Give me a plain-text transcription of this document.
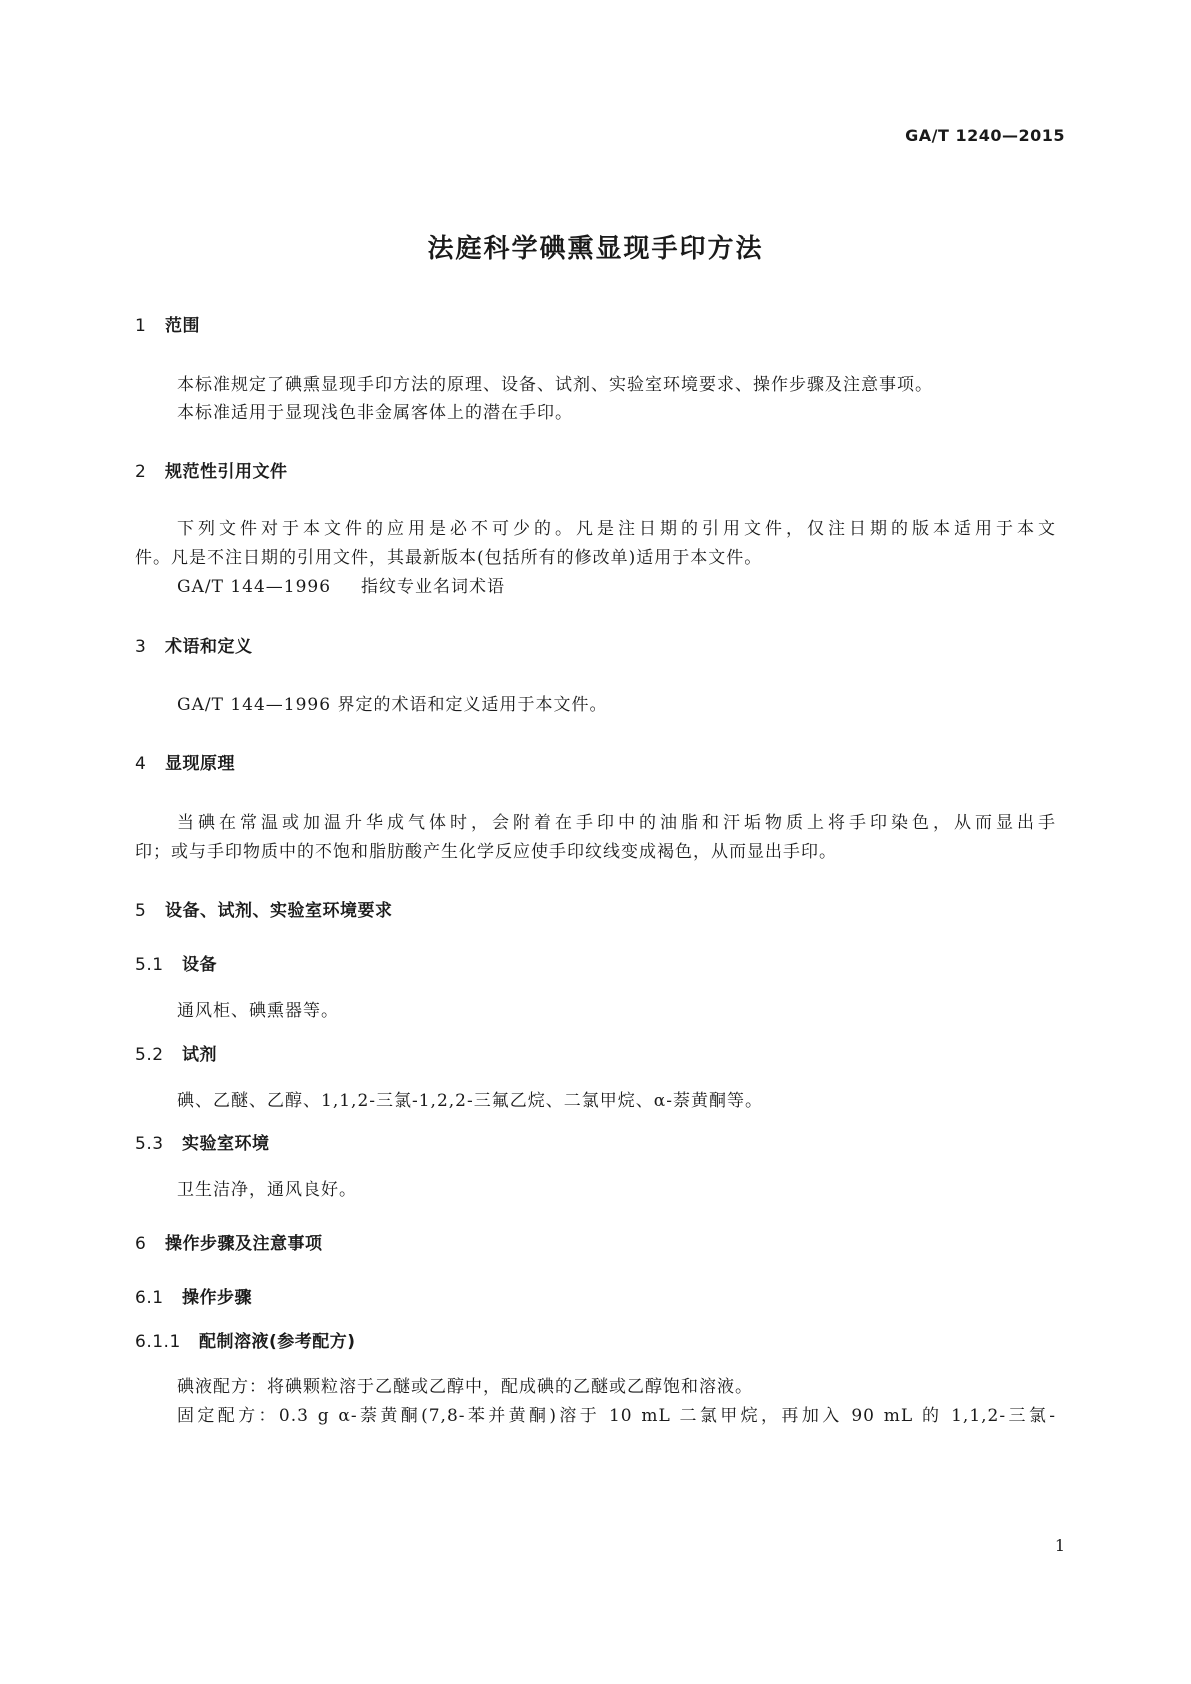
GA/T 1240—2015
法庭科学碘熏显现手印方法
1 范围
本标准规定了碘熏显现手印方法的原理、设备、试剂、实验室环境要求、操作步骤及注意事项。
本标准适用于显现浅色非金属客体上的潜在手印。
2 规范性引用文件
下列文件对于本文件的应用是必不可少的。凡是注日期的引用文件，仅注日期的版本适用于本文
件。凡是不注日期的引用文件，其最新版本(包括所有的修改单)适用于本文件。
GA/T 144—1996 指纹专业名词术语
3 术语和定义
GA/T 144—1996 界定的术语和定义适用于本文件。
4 显现原理
当碘在常温或加温升华成气体时，会附着在手印中的油脂和汗垢物质上将手印染色，从而显出手
印；或与手印物质中的不饱和脂肪酸产生化学反应使手印纹线变成褐色，从而显出手印。
5 设备、试剂、实验室环境要求
5.1 设备
通风柜、碘熏器等。
5.2 试剂
碘、乙醚、乙醇、1,1,2-三氯-1,2,2-三氟乙烷、二氯甲烷、α-萘黄酮等。
5.3 实验室环境
卫生洁净，通风良好。
6 操作步骤及注意事项
6.1 操作步骤
6.1.1 配制溶液(参考配方)
碘液配方：将碘颗粒溶于乙醚或乙醇中，配成碘的乙醚或乙醇饱和溶液。
固定配方：0.3 g α-萘黄酮(7,8-苯并黄酮)溶于 10 mL 二氯甲烷，再加入 90 mL 的 1,1,2-三氯-
1
